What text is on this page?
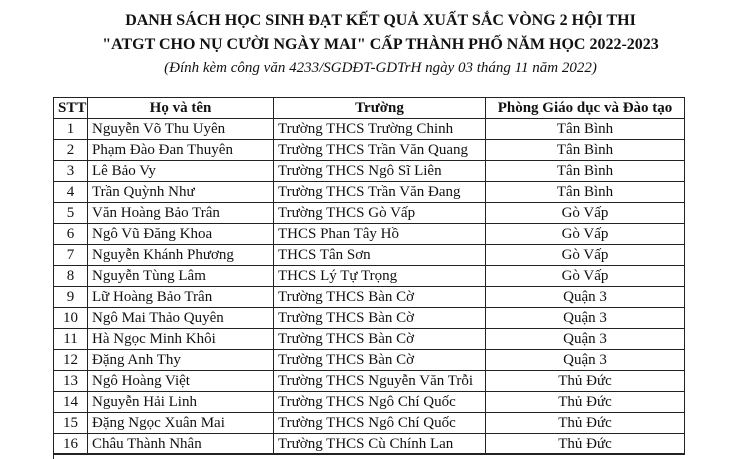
DANH SÁCH HỌC SINH ĐẠT KẾT QUẢ XUẤT SẮC VÒNG 2 HỘI THI
"ATGT CHO NỤ CƯỜI NGÀY MAI" CẤP THÀNH PHỐ NĂM HỌC 2022-2023
(Đính kèm công văn 4233/SGDĐT-GDTrH ngày 03 tháng 11 năm 2022)
STT	Họ và tên	Trường	Phòng Giáo dục và Đào tạo
1	Nguyễn Võ Thu Uyên	Trường THCS Trường Chinh	Tân Bình
2	Phạm Đào Đan Thuyên	Trường THCS Trần Văn Quang	Tân Bình
3	Lê Bảo Vy	Trường THCS Ngô Sĩ Liên	Tân Bình
4	Trần Quỳnh Như	Trường THCS Trần Văn Đang	Tân Bình
5	Văn Hoàng Bảo Trân	Trường THCS Gò Vấp	Gò Vấp
6	Ngô Vũ Đăng Khoa	THCS Phan Tây Hồ	Gò Vấp
7	Nguyễn Khánh Phương	THCS Tân Sơn	Gò Vấp
8	Nguyễn Tùng Lâm	THCS Lý Tự Trọng	Gò Vấp
9	Lữ Hoàng Bảo Trân	Trường THCS Bàn Cờ	Quận 3
10	Ngô Mai Thảo Quyên	Trường THCS Bàn Cờ	Quận 3
11	Hà Ngọc Minh Khôi	Trường THCS Bàn Cờ	Quận 3
12	Đặng Anh Thy	Trường THCS Bàn Cờ	Quận 3
13	Ngô Hoàng Việt	Trường THCS Nguyễn Văn Trỗi	Thủ Đức
14	Nguyễn Hải Linh	Trường THCS Ngô Chí Quốc	Thủ Đức
15	Đặng Ngọc Xuân Mai	Trường THCS Ngô Chí Quốc	Thủ Đức
16	Châu Thành Nhân	Trường THCS Cù Chính Lan	Thủ Đức
